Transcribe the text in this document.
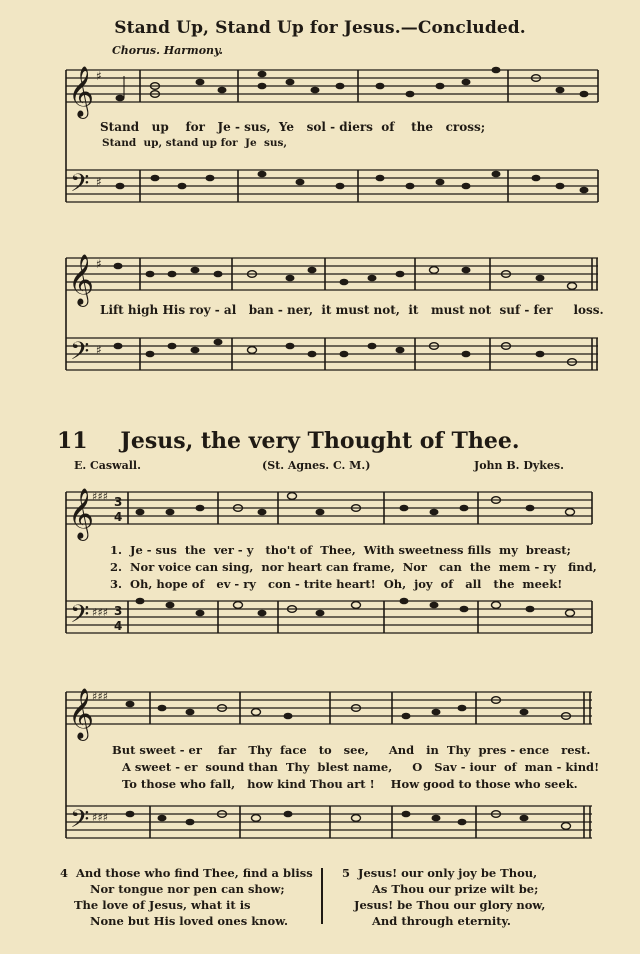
𝄞 ♯
𝄢 ♯
𝄞 ♯
𝄢 ♯
𝄞
♯♯♯ 3
4
𝄢 ♯♯♯ 3
4
𝄞
♯♯♯
𝄢 ♯♯♯
Stand Up, Stand Up for Jesus.—Concluded.
Chorus. Harmony.
Stand   up    for   Je - sus,  Ye   sol - diers  of    the   cross;
Stand  up, stand up for  Je  sus,
Lift high His roy - al   ban - ner,  it must not,  it   must not  suf - fer     loss.
11	Jesus, the very Thought of Thee.
E. Caswall.	(St. Agnes. C. M.)	John B. Dykes.
1.  Je - sus  the  ver - y   tho't of  Thee,  With sweetness fills  my  breast;
2.  Nor voice can sing,  nor heart can frame,  Nor   can  the  mem - ry   find,
3.  Oh, hope of   ev - ry   con - trite heart!  Oh,  joy  of   all   the  meek!
But sweet - er    far   Thy  face   to   see,     And   in  Thy  pres - ence   rest.
A sweet - er  sound than  Thy  blest name,     O   Sav - iour  of  man - kind!
To those who fall,   how kind Thou art !    How good to those who seek.
4  And those who find Thee, find a bliss
Nor tongue nor pen can show;
The love of Jesus, what it is
None but His loved ones know.
5  Jesus! our only joy be Thou,
As Thou our prize wilt be;
Jesus! be Thou our glory now,
And through eternity.
